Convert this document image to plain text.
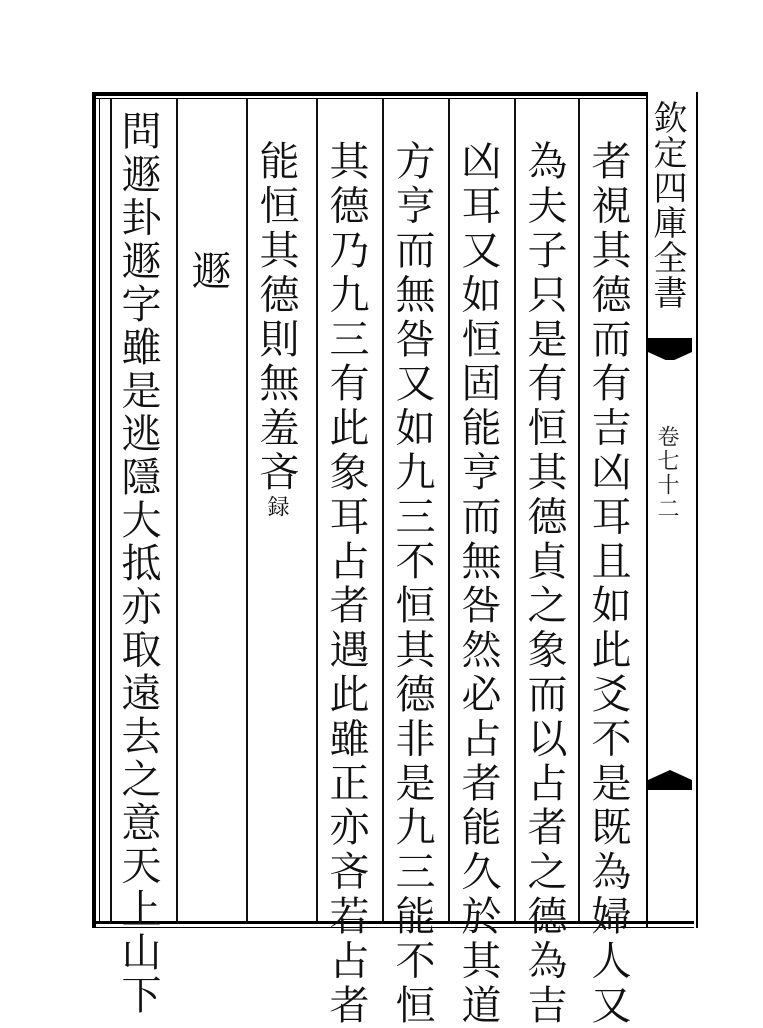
欽定四庫全書
卷七十二
者視其德而有吉凶耳且如此爻不是既為婦人又
為夫子只是有恒其德貞之象而以占者之德為吉
凶耳又如恒固能亨而無咎然必占者能久於其道
方亨而無咎又如九三不恒其德非是九三能不恒
其德乃九三有此象耳占者遇此雖正亦吝若占者
能恒其德則無羞吝録
遯
問遯卦遯字雖是逃隱大抵亦取遠去之意天上山下
